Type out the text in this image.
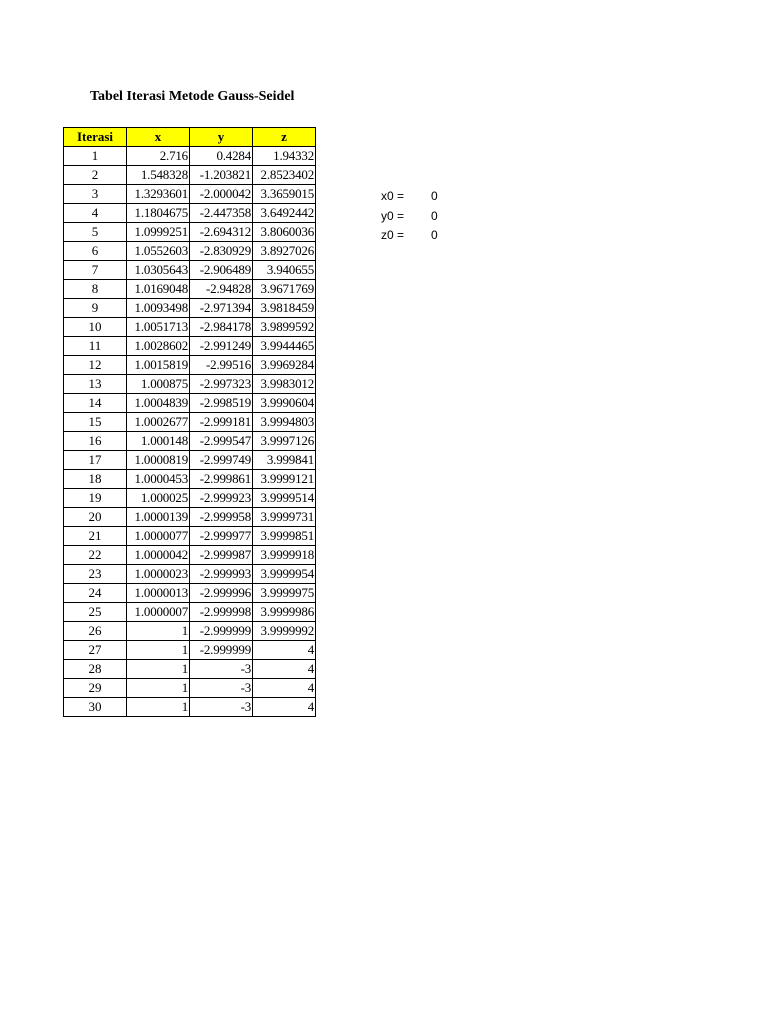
Tabel Iterasi Metode Gauss-Seidel
Iterasi	x	y	z
1	2.716	0.4284	1.94332
2	1.548328	-1.203821	2.8523402
3	1.3293601	-2.000042	3.3659015
4	1.1804675	-2.447358	3.6492442
5	1.0999251	-2.694312	3.8060036
6	1.0552603	-2.830929	3.8927026
7	1.0305643	-2.906489	3.940655
8	1.0169048	-2.94828	3.9671769
9	1.0093498	-2.971394	3.9818459
10	1.0051713	-2.984178	3.9899592
11	1.0028602	-2.991249	3.9944465
12	1.0015819	-2.99516	3.9969284
13	1.000875	-2.997323	3.9983012
14	1.0004839	-2.998519	3.9990604
15	1.0002677	-2.999181	3.9994803
16	1.000148	-2.999547	3.9997126
17	1.0000819	-2.999749	3.999841
18	1.0000453	-2.999861	3.9999121
19	1.000025	-2.999923	3.9999514
20	1.0000139	-2.999958	3.9999731
21	1.0000077	-2.999977	3.9999851
22	1.0000042	-2.999987	3.9999918
23	1.0000023	-2.999993	3.9999954
24	1.0000013	-2.999996	3.9999975
25	1.0000007	-2.999998	3.9999986
26	1	-2.999999	3.9999992
27	1	-2.999999	4
28	1	-3	4
29	1	-3	4
30	1	-3	4
x0 = 0
y0 = 0
z0 = 0
